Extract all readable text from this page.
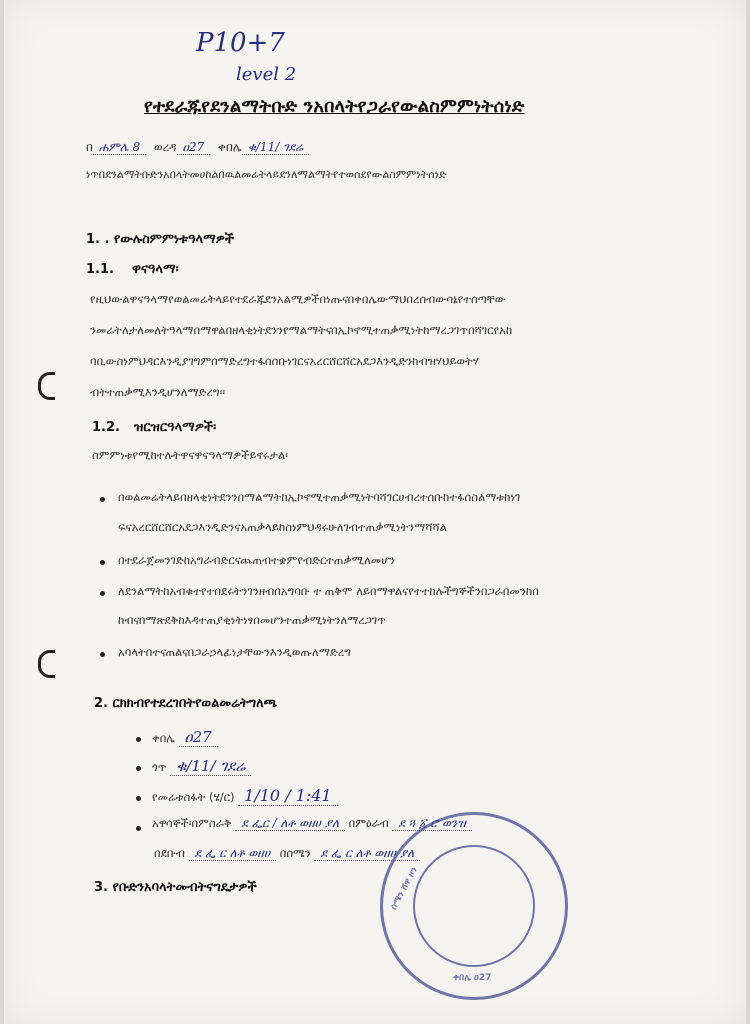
P10+7
level 2
የተደራጁየደንልማትቡድ ንአበላትየጋራየውልስምምነትሰነድ
በ ሐምሌ 8 ወረዳ ዐ27 ቀበሌ ቁ/11/ ገደሬ
ነጥበደንልማትቡድንአበላትመሀከልበዉልመሬትላይደንለማልማትየተወሰደየውልስምምነትሰነድ
1. . የውሉስምምነቱዓላማዎች
1.1. ዋናዓላማ፡
የዚህውልዋናዓላማየወልመሬትላይየተደራጁደንአልሚዎችበነጡናበቀበሌውማህበረሰብውሳኔየተሰጣቸው
ንመሬትለታለመለትዓላማበማዋልበዘላቂነትደንንየማልማትናበኢኮኖሚተጠቃሚነትከማረጋገጥበሻገርየአከ
ባቢውስነምህዳርእንዲያገግምበማድረግተፋሰሰቡነገርናአረርሸርሸርአደጋእንዲድንከብዝሃህይወትሃ
ብትተጠቃሚእንዲሆንለማድረግ፡፡
1.2. ዝርዝርዓላማዎች፡
ስምምነቱየሚከተሉትዋናዋናዓላማዎችይኖሩታል፡
በወልመሬትላይበዘላቂነትደንንበማልማትከኢኮኖሚተጠቃሚነትባሻገርሀብረተሰቡከተፋሰስልማቱከነገ
ፍናአረርሸርሸርአደጋእንዲድንናአጠቃላይከስነምህዳሩሁለገብተጠቃሚነትንማሻሻል
በተደራጀመንገድከአግራብድርናጨጠብተቋምየብድርተጠቃሚለመሆን
ለደንልማትከአብቁተየተበደሩትንገንዘብበአግባቡ ተ ጠቅሞ ለይበማዋልናየተተከሉችግኞችንበጋራበመንከበ
ከብናበማጽደቅከእዳተጠያቂነትነፃበመሆንተጠቃሚነትንለማረጋገጥ
አባላትበተናጠልናበጋራኃላፊነታቸውንእንዲወጡለማድረግ
2. ርክክብየተደረገበትየወልመሬትግለጫ
ቀበሌ ዐ27
ጎጥ ቁ/11/ ገደሬ
የመሬቱስፋት (ሄ/ር) 1/10 / 1:41
አዋሳኞች፡በምስራቅ ደ ፌር / ለቶ ወዘሀ ያለ በምዕራብ ደ ጓ ፩ ሮ ወንዝ
በደቡብ ደ ፌ ር ለቶ ወዘሀ በሰሜን ደ ፌ ር ለቶ ወዘሀ ያለ
3. የቡድንአባላትመብትናግዴታዎች	ሰሜን ሸዋ ዞን
ቀበሌ ዐ27
